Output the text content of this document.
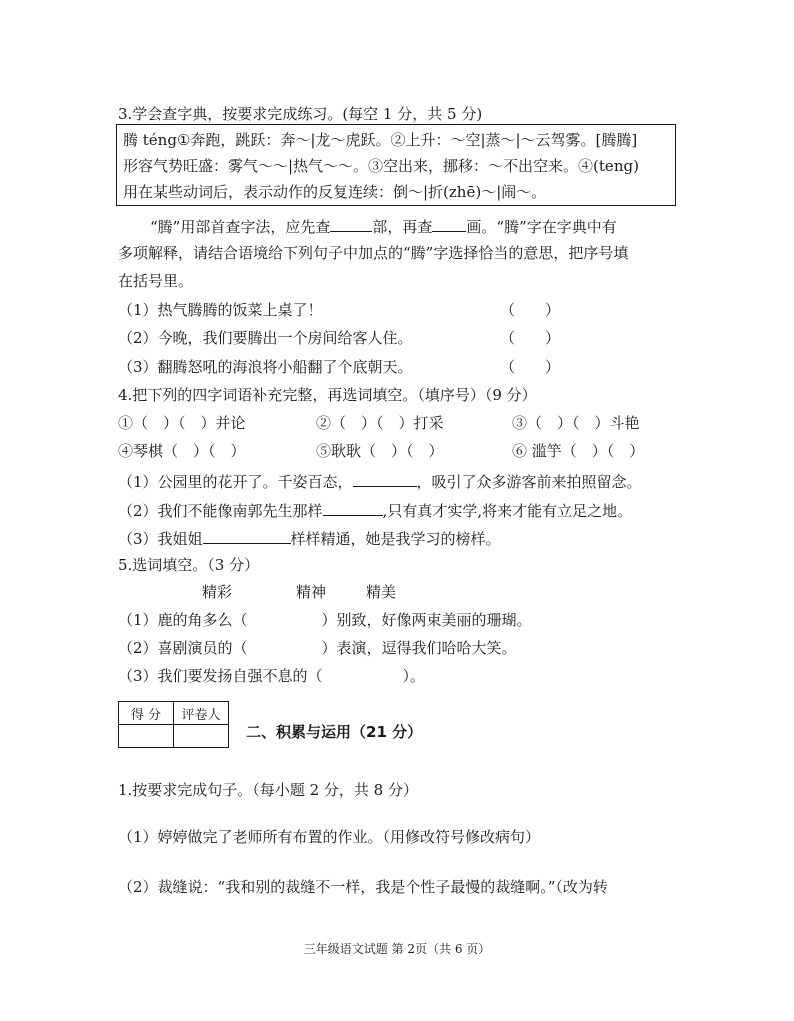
3.学会查字典，按要求完成练习。(每空 1 分，共 5 分)
腾 téng①奔跑，跳跃：奔～|龙～虎跃。②上升：～空|蒸～|～云驾雾。[腾腾]
形容气势旺盛：雾气～～|热气～～。③空出来，挪移：～不出空来。④(teng)
用在某些动词后，表示动作的反复连续：倒～|折(zhē)～|闹～。
“腾”用部首查字法，应先查	部，再查 画。“腾”字在字典中有
多项解释，请结合语境给下列句子中加点的“腾”字选择恰当的意思，把序号填
在括号里。
（1）热气腾腾的饭菜上桌了！	（　　）
（2）今晚，我们要腾出一个房间给客人住。	（　　）
（3）翻腾怒吼的海浪将小船翻了个底朝天。	（　　）
4.把下列的四字词语补充完整，再选词填空。（填序号）（9 分）
①（　）（　）并论	②（　）（　）打采	③（　）（　）斗艳
④琴棋（　）（　）	⑤耿耿（　）（　）	⑥ 滥竽（　）（　）
（1）公园里的花开了。千姿百态，	，吸引了众多游客前来拍照留念。
（2）我们不能像南郭先生那样	,只有真才实学,将来才能有立足之地。
（3）我姐姐	样样精通，她是我学习的榜样。
5.选词填空。（3 分）
精彩	精神	精美
（1）鹿的角多么（	）别致，好像两束美丽的珊瑚。
（2）喜剧演员的（	）表演，逗得我们哈哈大笑。
（3）我们要发扬自强不息的（	）。
得 分	评卷人

二、积累与运用（21 分）
1.按要求完成句子。（每小题 2 分，共 8 分）
（1）婷婷做完了老师所有布置的作业。（用修改符号修改病句）
（2）裁缝说：“我和别的裁缝不一样，我是个性子最慢的裁缝啊。”（改为转
三年级语文试题 第 2页（共 6 页）
